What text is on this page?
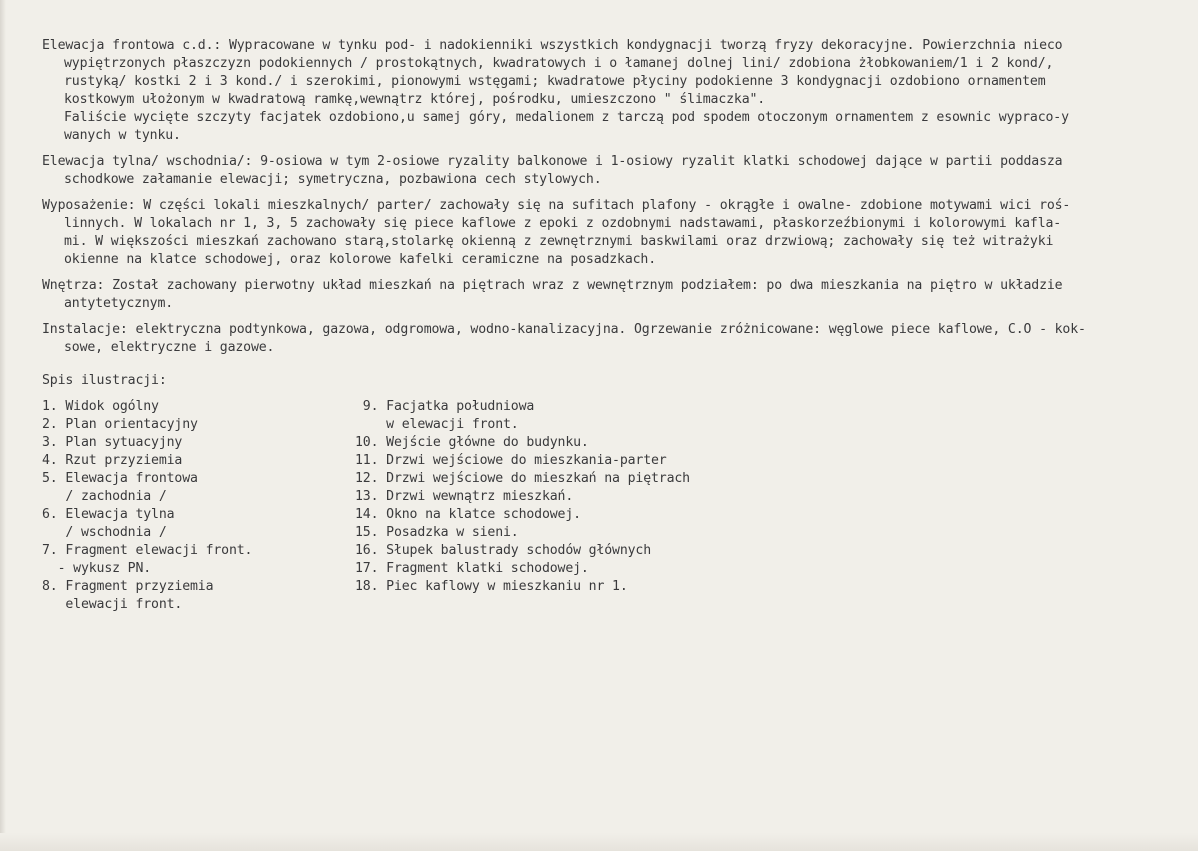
Elewacja frontowa c.d.: Wypracowane w tynku pod- i nadokienniki wszystkich kondygnacji tworzą fryzy dekoracyjne. Powierzchnia nieco
wypiętrzonych płaszczyzn podokiennych / prostokątnych, kwadratowych i o łamanej dolnej lini/ zdobiona żłobkowaniem/1 i 2 kond/,
rustyką/ kostki 2 i 3 kond./ i szerokimi, pionowymi wstęgami; kwadratowe płyciny podokienne 3 kondygnacji ozdobiono ornamentem
kostkowym ułożonym w kwadratową ramkę,wewnątrz której, pośrodku, umieszczono " ślimaczka".
Faliście wycięte szczyty facjatek ozdobiono,u samej góry, medalionem z tarczą pod spodem otoczonym ornamentem z esownic wypraco-y
wanych w tynku.
Elewacja tylna/ wschodnia/: 9-osiowa w tym 2-osiowe ryzality balkonowe i 1-osiowy ryzalit klatki schodowej dające w partii poddasza
schodkowe załamanie elewacji; symetryczna, pozbawiona cech stylowych.
Wyposażenie: W części lokali mieszkalnych/ parter/ zachowały się na sufitach plafony - okrągłe i owalne- zdobione motywami wici roś-
linnych. W lokalach nr 1, 3, 5 zachowały się piece kaflowe z epoki z ozdobnymi nadstawami, płaskorzeźbionymi i kolorowymi kafla-
mi. W większości mieszkań zachowano starą,stolarkę okienną z zewnętrznymi baskwilami oraz drzwiową; zachowały się też witrażyki
okienne na klatce schodowej, oraz kolorowe kafelki ceramiczne na posadzkach.
Wnętrza: Został zachowany pierwotny układ mieszkań na piętrach wraz z wewnętrznym podziałem: po dwa mieszkania na piętro w układzie
antytetycznym.
Instalacje: elektryczna podtynkowa, gazowa, odgromowa, wodno-kanalizacyjna. Ogrzewanie zróżnicowane: węglowe piece kaflowe, C.O - kok-
sowe, elektryczne i gazowe.
Spis ilustracji:
1. Widok ogólny
2. Plan orientacyjny
3. Plan sytuacyjny
4. Rzut przyziemia
5. Elewacja frontowa
/ zachodnia /
6. Elewacja tylna
/ wschodnia /
7. Fragment elewacji front.
- wykusz PN.
8. Fragment przyziemia
elewacji front.
9. Facjatka południowa
w elewacji front.
10. Wejście główne do budynku.
11. Drzwi wejściowe do mieszkania-parter
12. Drzwi wejściowe do mieszkań na piętrach
13. Drzwi wewnątrz mieszkań.
14. Okno na klatce schodowej.
15. Posadzka w sieni.
16. Słupek balustrady schodów głównych
17. Fragment klatki schodowej.
18. Piec kaflowy w mieszkaniu nr 1.
